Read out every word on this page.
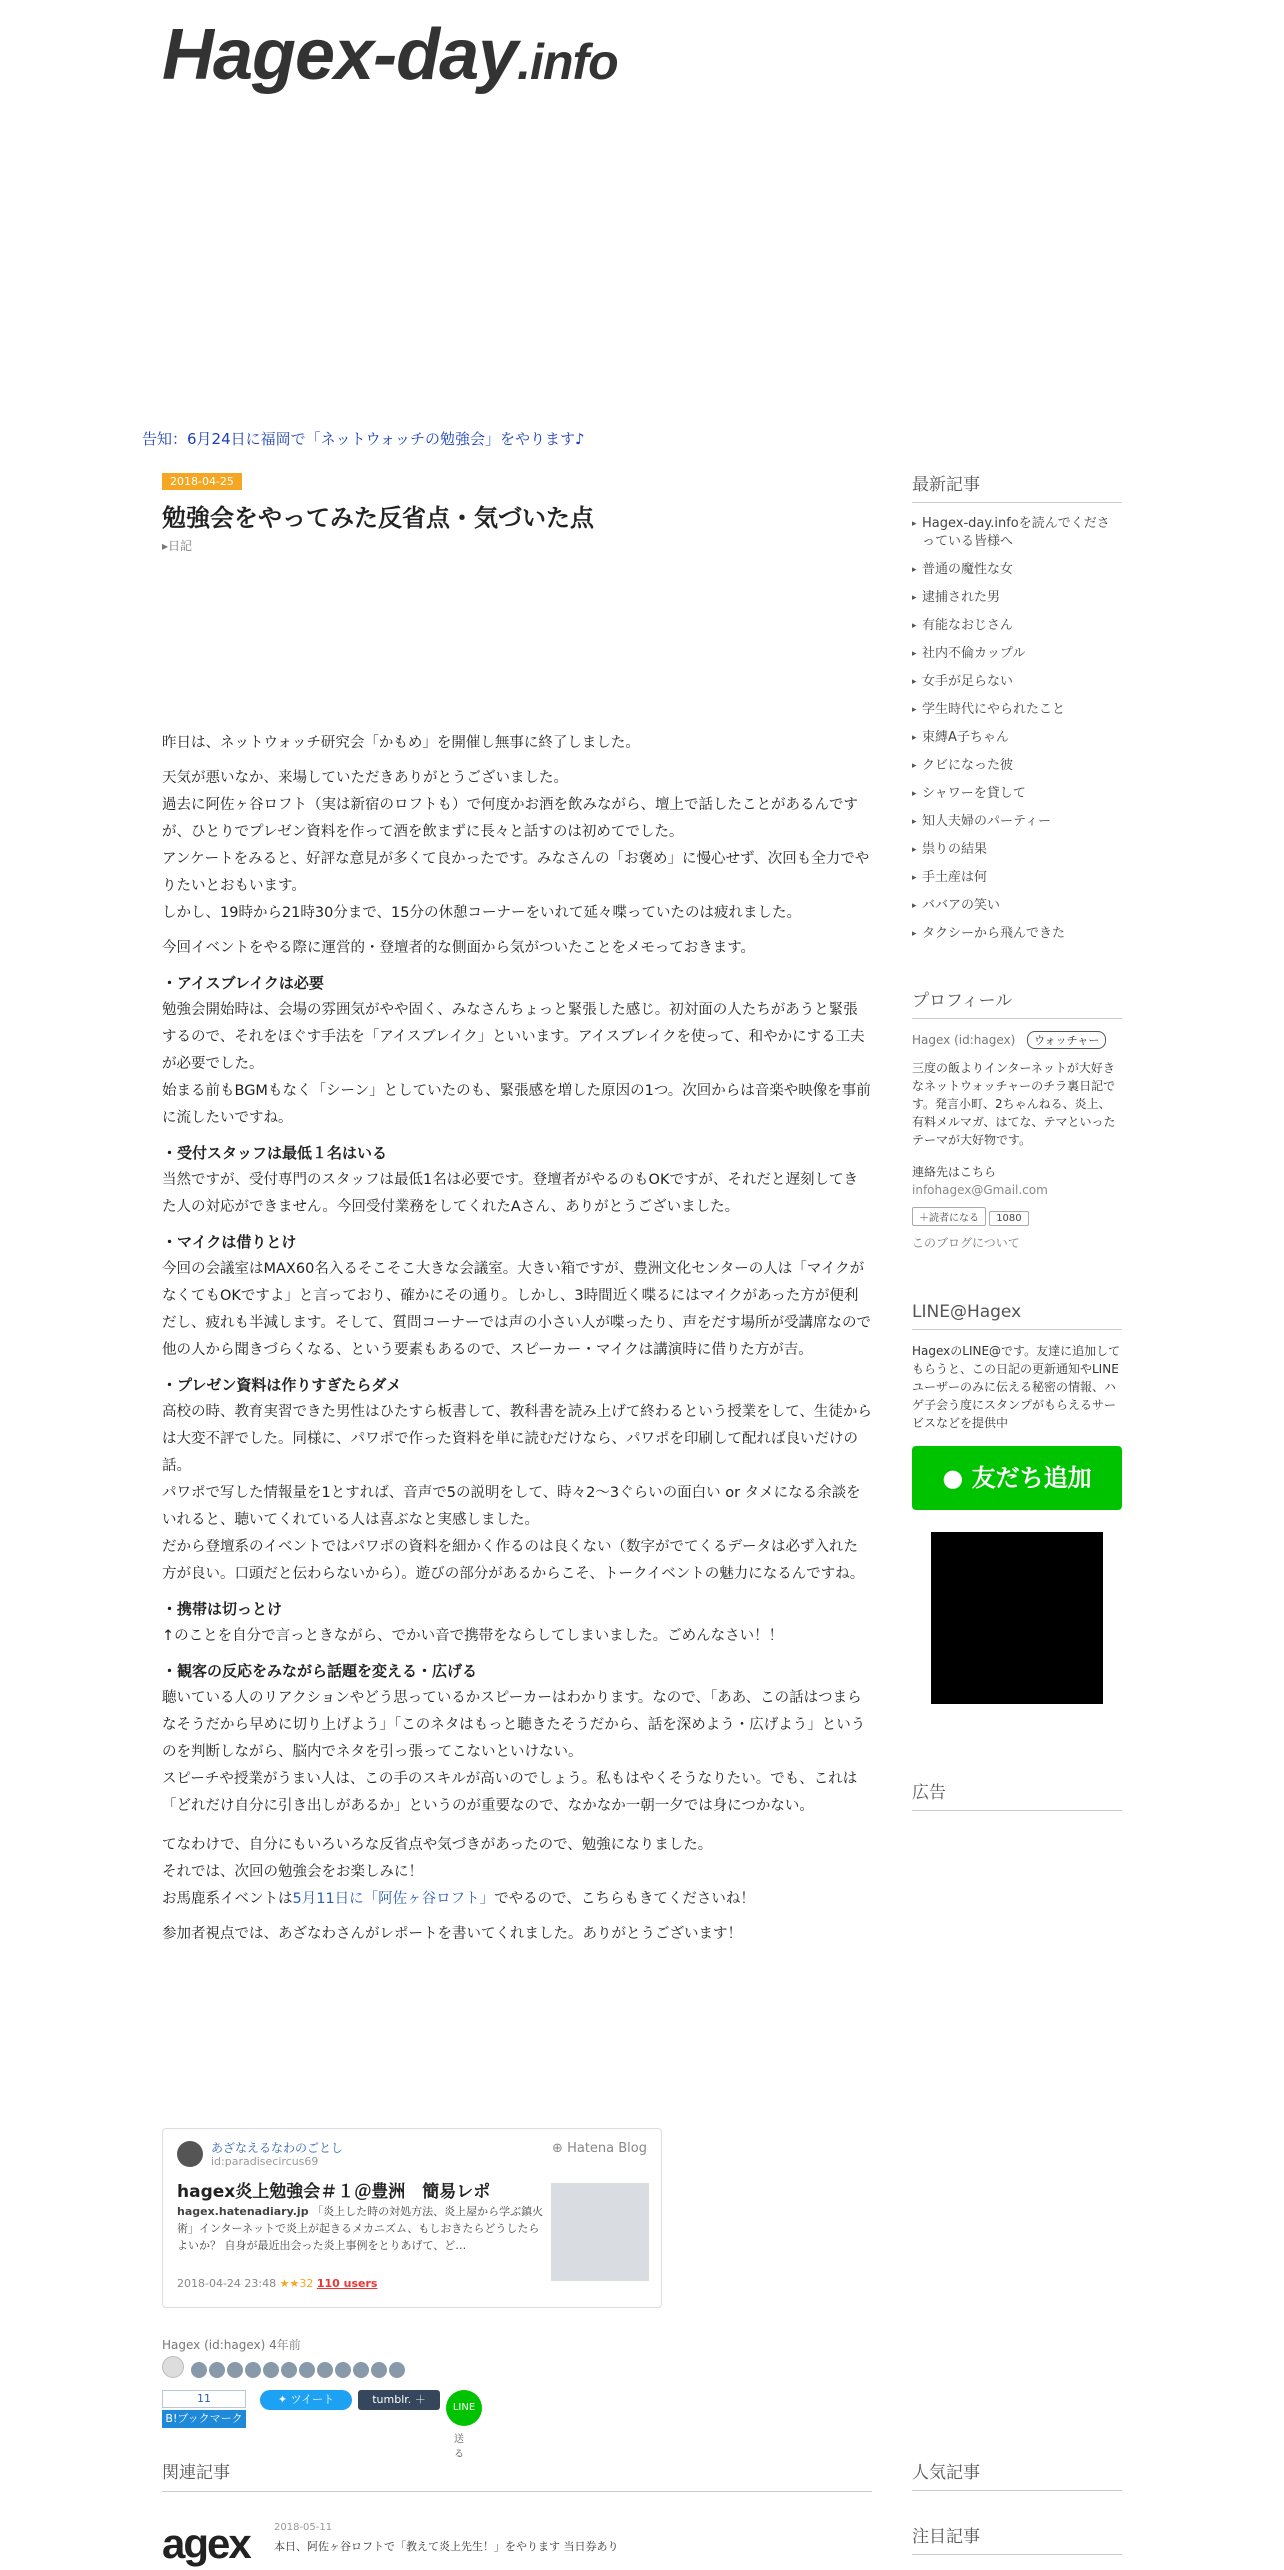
Hagex-day.info
告知：6月24日に福岡で「ネットウォッチの勉強会」をやります♪
2018-04-25
勉強会をやってみた反省点・気づいた点
▸日記

昨日は、ネットウォッチ研究会「かもめ」を開催し無事に終了しました。

天気が悪いなか、来場していただきありがとうございました。
過去に阿佐ヶ谷ロフト（実は新宿のロフトも）で何度かお酒を飲みながら、壇上で話したことがあるんですが、ひとりでプレゼン資料を作って酒を飲まずに長々と話すのは初めてでした。
アンケートをみると、好評な意見が多くて良かったです。みなさんの「お褒め」に慢心せず、次回も全力でやりたいとおもいます。
しかし、19時から21時30分まで、15分の休憩コーナーをいれて延々喋っていたのは疲れました。

今回イベントをやる際に運営的・登壇者的な側面から気がついたことをメモっておきます。

・アイスブレイクは必要

勉強会開始時は、会場の雰囲気がやや固く、みなさんちょっと緊張した感じ。初対面の人たちがあうと緊張するので、それをほぐす手法を「アイスブレイク」といいます。アイスブレイクを使って、和やかにする工夫が必要でした。
始まる前もBGMもなく「シーン」としていたのも、緊張感を増した原因の1つ。次回からは音楽や映像を事前に流したいですね。

・受付スタッフは最低１名はいる

当然ですが、受付専門のスタッフは最低1名は必要です。登壇者がやるのもOKですが、それだと遅刻してきた人の対応ができません。今回受付業務をしてくれたAさん、ありがとうございました。

・マイクは借りとけ

今回の会議室はMAX60名入るそこそこ大きな会議室。大きい箱ですが、豊洲文化センターの人は「マイクがなくてもOKですよ」と言っており、確かにその通り。しかし、3時間近く喋るにはマイクがあった方が便利だし、疲れも半減します。そして、質問コーナーでは声の小さい人が喋ったり、声をだす場所が受講席なので他の人から聞きづらくなる、という要素もあるので、スピーカー・マイクは講演時に借りた方が吉。

・プレゼン資料は作りすぎたらダメ

高校の時、教育実習できた男性はひたすら板書して、教科書を読み上げて終わるという授業をして、生徒からは大変不評でした。同様に、パワポで作った資料を単に読むだけなら、パワポを印刷して配れば良いだけの話。
パワポで写した情報量を1とすれば、音声で5の説明をして、時々2〜3ぐらいの面白い or タメになる余談をいれると、聴いてくれている人は喜ぶなと実感しました。
だから登壇系のイベントではパワポの資料を細かく作るのは良くない（数字がでてくるデータは必ず入れた方が良い。口頭だと伝わらないから）。遊びの部分があるからこそ、トークイベントの魅力になるんですね。

・携帯は切っとけ

↑のことを自分で言っときながら、でかい音で携帯をならしてしまいました。ごめんなさい！！

・観客の反応をみながら話題を変える・広げる

聴いている人のリアクションやどう思っているかスピーカーはわかります。なので、「ああ、この話はつまらなそうだから早めに切り上げよう」「このネタはもっと聴きたそうだから、話を深めよう・広げよう」というのを判断しながら、脳内でネタを引っ張ってこないといけない。
スピーチや授業がうまい人は、この手のスキルが高いのでしょう。私もはやくそうなりたい。でも、これは「どれだけ自分に引き出しがあるか」というのが重要なので、なかなか一朝一夕では身につかない。

てなわけで、自分にもいろいろな反省点や気づきがあったので、勉強になりました。
それでは、次回の勉強会をお楽しみに！
お馬鹿系イベントは5月11日に「阿佐ヶ谷ロフト」でやるので、こちらもきてくださいね！

参加者視点では、あざなわさんがレポートを書いてくれました。ありがとうございます！

あざなえるなわのごとし
id:paradisecircus69
⊕ Hatena Blog
hagex炎上勉強会＃１＠豊洲　簡易レポ
hagex.hatenadiary.jp 「炎上した時の対処方法、炎上屋から学ぶ鎮火術」インターネットで炎上が起きるメカニズム、もしおきたらどうしたらよいか？ 自身が最近出会った炎上事例をとりあげて、ど…
2018-04-24 23:48 ★★32 110 users
Hagex (id:hagex) 4年前

11
B!ブックマーク
✦ ツイート	tumblr. ＋
LINE
送る
関連記事
agex 2018-05-11
本日、阿佐ヶ谷ロフトで「教えて炎上先生！」をやります 当日券あり
最新記事
▸ Hagex-day.infoを読んでくださっている皆様へ
▸ 普通の魔性な女
▸ 逮捕された男
▸ 有能なおじさん
▸ 社内不倫カップル
▸ 女手が足らない
▸ 学生時代にやられたこと
▸ 束縛A子ちゃん
▸ クビになった彼
▸ シャワーを貸して
▸ 知人夫婦のパーティー
▸ 祟りの結果
▸ 手土産は何
▸ ババアの笑い
▸ タクシーから飛んできた
プロフィール
Hagex (id:hagex) ウォッチャー
三度の飯よりインターネットが大好きなネットウォッチャーのチラ裏日記です。発言小町、2ちゃんねる、炎上、有料メルマガ、はてな、テマといったテーマが大好物です。
連絡先はこちら
infohagex@Gmail.com
＋読者になる 1080
このブログについて
LINE@Hagex
HagexのLINE@です。友達に追加してもらうと、この日記の更新通知やLINEユーザーのみに伝える秘密の情報、ハゲ子会う度にスタンプがもらえるサービスなどを提供中
● 友だち追加
広告
人気記事
注目記事
